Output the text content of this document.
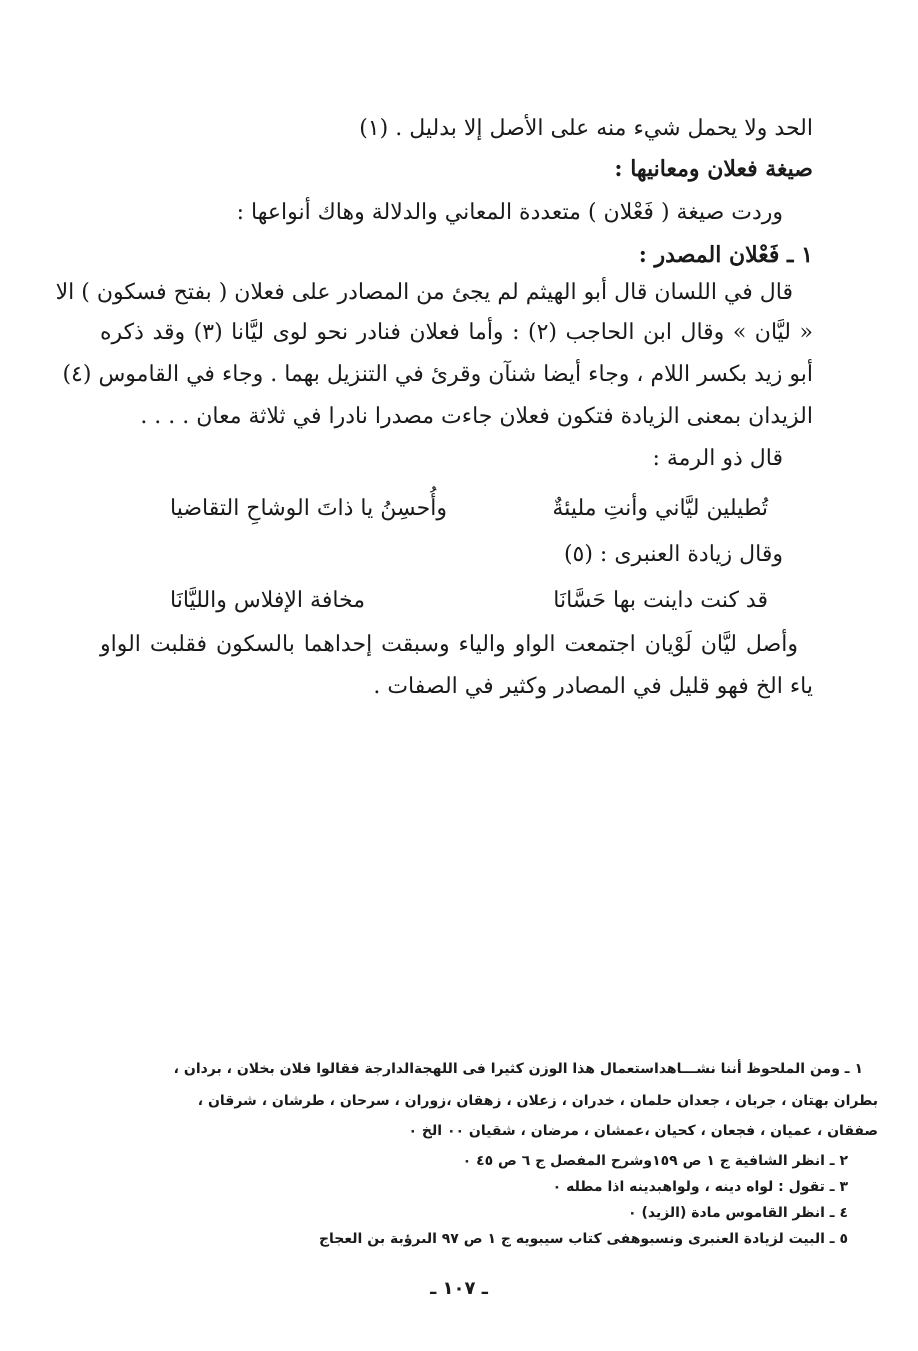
الحد ولا يحمل شيء منه على الأصل إلا بدليل . (١)
صيغة فعلان ومعانيها :
وردت صيغة ( فَعْلان ) متعددة المعاني والدلالة وهاك أنواعها :
١ ـ فَعْلان المصدر :
قال في اللسان قال أبو الهيثم لم يجئ من المصادر على فعلان ( بفتح فسكون ) الا
« ليَّان » وقال ابن الحاجب (٢) : وأما فعلان فنادر نحو لوى ليَّانا (٣) وقد ذكره
أبو زيد بكسر اللام ، وجاء أيضا شنآن وقرئ في التنزيل بهما . وجاء في القاموس (٤)
الزيدان بمعنى الزيادة فتكون فعلان جاءت مصدرا نادرا في ثلاثة معان . . . .
قال ذو الرمة :
تُطيلين ليَّاني وأنتِ مليئةٌ
وأُحسِنُ يا ذاتَ الوشاحِ التقاضيا
وقال زيادة العنبرى : (٥)
قد كنت داينت بها حَسَّانَا
مخافة الإفلاس والليَّانَا
وأصل ليَّان لَوْيان اجتمعت الواو والياء وسبقت إحداهما بالسكون فقلبت الواو
ياء الخ فهو قليل في المصادر وكثير في الصفات .
١ ـ ومن الملحوظ أننا نشـــاهداستعمال هذا الوزن كثيرا فى اللهجةالدارجة فقالوا فلان بخلان ، بردان ،
بطران بهتان ، جربان ، جعدان حلمان ، خدران ، زعلان ، زهقان ،زوران ، سرحان ، طرشان ، شرقان ،
صفقان ، عميان ، فجعان ، كحيان ،عمشان ، مرضان ، شقيان ٠٠ الخ ٠
٢ ـ انظر الشافية ج ١ ص ١٥٩وشرح المفصل ج ٦ ص ٤٥ ٠
٣ ـ تقول : لواه دينه ، ولواهبدينه اذا مطله ٠
٤ ـ انظر القاموس مادة (الزيد) ٠
٥ ـ البيت لزيادة العنبرى ونسبوهفى كتاب سيبويه ج ١ ص ٩٧ الىرؤبة بن العجاج
ـ ١٠٧ ـ
